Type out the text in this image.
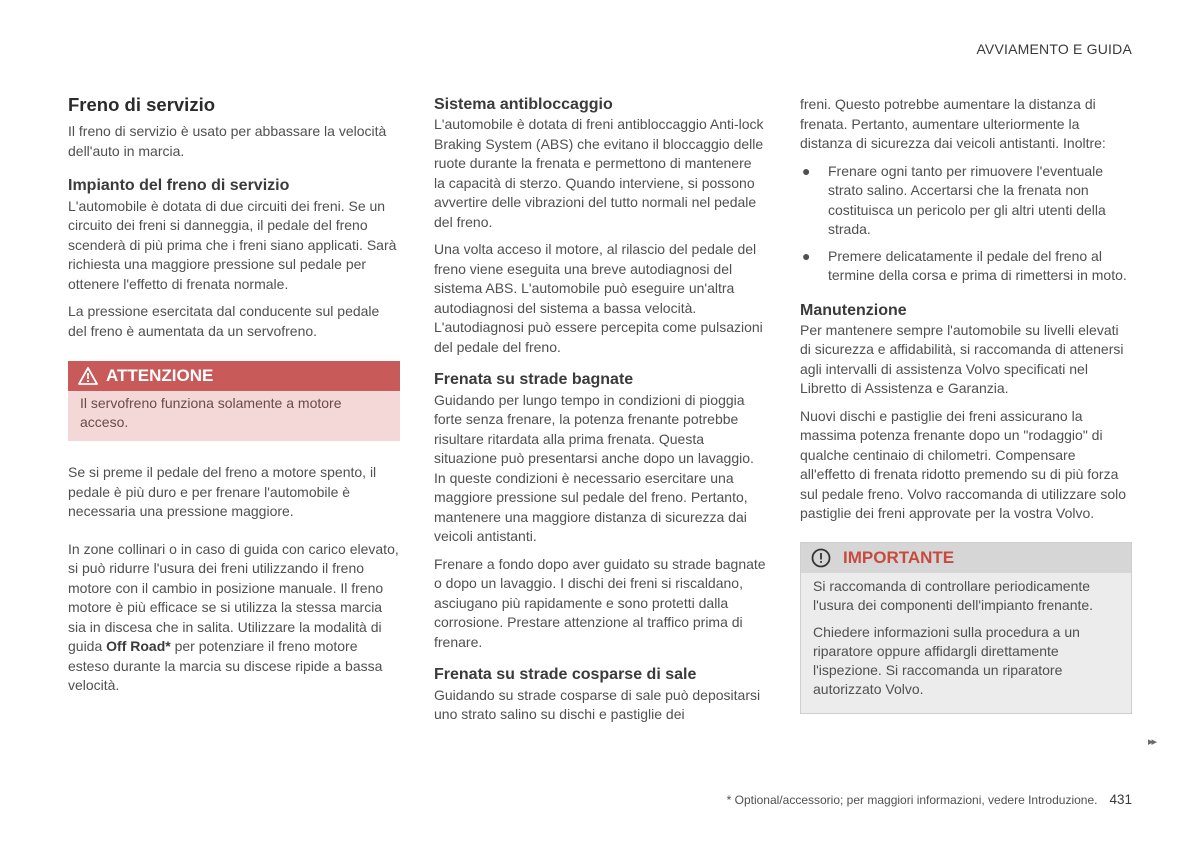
AVVIAMENTO E GUIDA
Freno di servizio

Il freno di servizio è usato per abbassare la velocità dell'auto in marcia.

Impianto del freno di servizio

L'automobile è dotata di due circuiti dei freni. Se un circuito dei freni si danneggia, il pedale del freno scenderà di più prima che i freni siano applicati. Sarà richiesta una maggiore pressione sul pedale per ottenere l'effetto di frenata normale.

La pressione esercitata dal conducente sul pedale del freno è aumentata da un servofreno.

ATTENZIONE

Il servofreno funziona solamente a motore acceso.

Se si preme il pedale del freno a motore spento, il pedale è più duro e per frenare l'automobile è necessaria una pressione maggiore.

In zone collinari o in caso di guida con carico elevato, si può ridurre l'usura dei freni utilizzando il freno motore con il cambio in posizione manuale. Il freno motore è più efficace se si utilizza la stessa marcia sia in discesa che in salita. Utilizzare la modalità di guida Off Road* per potenziare il freno motore esteso durante la marcia su discese ripide a bassa velocità.

Sistema antibloccaggio

L'automobile è dotata di freni antibloccaggio Anti-lock Braking System (ABS) che evitano il bloccaggio delle ruote durante la frenata e permettono di mantenere la capacità di sterzo. Quando interviene, si possono avvertire delle vibrazioni del tutto normali nel pedale del freno.

Una volta acceso il motore, al rilascio del pedale del freno viene eseguita una breve autodiagnosi del sistema ABS. L'automobile può eseguire un'altra autodiagnosi del sistema a bassa velocità. L'autodiagnosi può essere percepita come pulsazioni del pedale del freno.

Frenata su strade bagnate

Guidando per lungo tempo in condizioni di pioggia forte senza frenare, la potenza frenante potrebbe risultare ritardata alla prima frenata. Questa situazione può presentarsi anche dopo un lavaggio. In queste condizioni è necessario esercitare una maggiore pressione sul pedale del freno. Pertanto, mantenere una maggiore distanza di sicurezza dai veicoli antistanti.

Frenare a fondo dopo aver guidato su strade bagnate o dopo un lavaggio. I dischi dei freni si riscaldano, asciugano più rapidamente e sono protetti dalla corrosione. Prestare attenzione al traffico prima di frenare.

Frenata su strade cosparse di sale

Guidando su strade cosparse di sale può depositarsi uno strato salino su dischi e pastiglie dei

freni. Questo potrebbe aumentare la distanza di frenata. Pertanto, aumentare ulteriormente la distanza di sicurezza dai veicoli antistanti. Inoltre:

● Frenare ogni tanto per rimuovere l'eventuale strato salino. Accertarsi che la frenata non costituisca un pericolo per gli altri utenti della strada.
● Premere delicatamente il pedale del freno al termine della corsa e prima di rimettersi in moto.
Manutenzione

Per mantenere sempre l'automobile su livelli elevati di sicurezza e affidabilità, si raccomanda di attenersi agli intervalli di assistenza Volvo specificati nel Libretto di Assistenza e Garanzia.

Nuovi dischi e pastiglie dei freni assicurano la massima potenza frenante dopo un "rodaggio" di qualche centinaio di chilometri. Compensare all'effetto di frenata ridotto premendo su di più forza sul pedale freno. Volvo raccomanda di utilizzare solo pastiglie dei freni approvate per la vostra Volvo.

IMPORTANTE

Si raccomanda di controllare periodicamente l'usura dei componenti dell'impianto frenante.

Chiedere informazioni sulla procedura a un riparatore oppure affidargli direttamente l'ispezione. Si raccomanda un riparatore autorizzato Volvo.

▸▸
* Optional/accessorio; per maggiori informazioni, vedere Introduzione. 431
